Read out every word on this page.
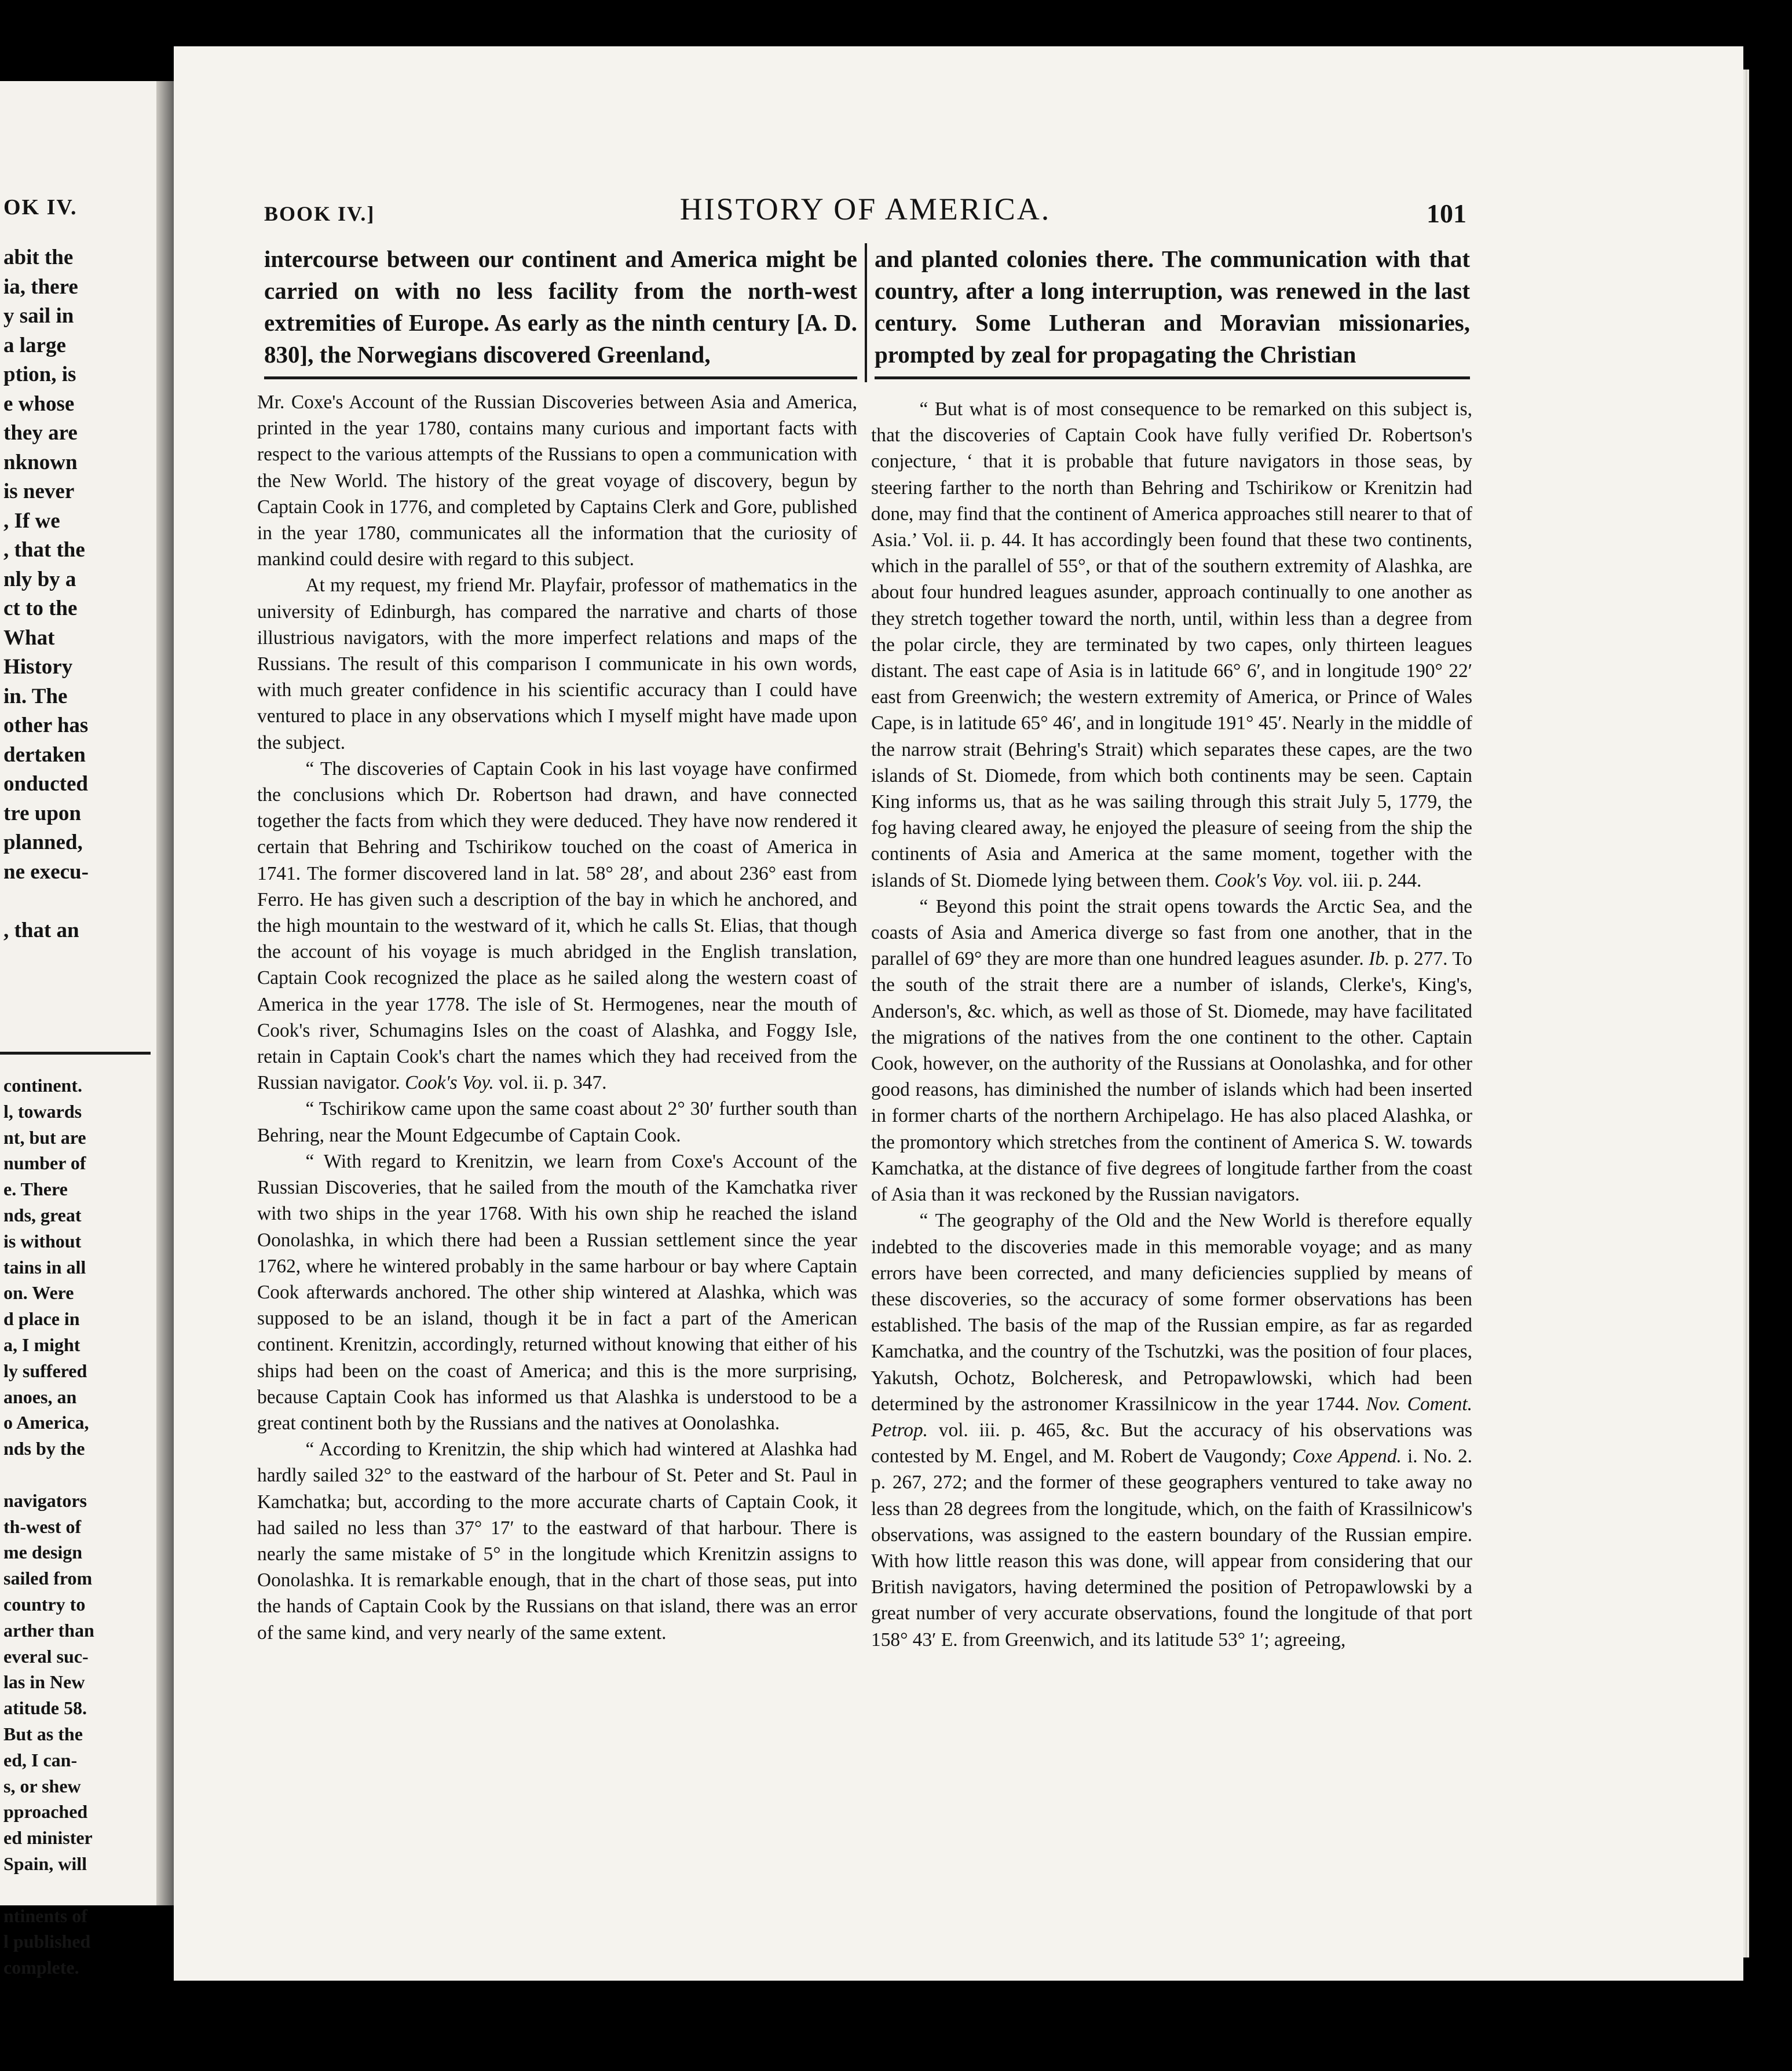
OK IV.
abit the
ia, there
y sail in
a large
ption, is
e whose
they are
nknown
is never
, If we
, that the
nly by a
ct to the
What
History
in. The
other has
dertaken
onducted
tre upon
planned,
ne execu-

, that an
continent.
l, towards
nt, but are
number of
e. There
nds, great
is without
tains in all
on. Were
d place in
a, I might
ly suffered
anoes, an
o America,
nds by the

navigators
th-west of
me design
sailed from
country to
arther than
everal suc-
las in New
atitude 58.
But as the
ed, I can-
s, or shew
pproached
ed minister
Spain, will

ntinents of
l published
complete.
BOOK IV.]	HISTORY OF AMERICA.	101

intercourse between our continent and America might be carried on with no less facility from the north-west extremities of Europe. As early as the ninth century [A. D. 830], the Norwegians discovered Greenland,

and planted colonies there. The communication with that country, after a long interruption, was renewed in the last century. Some Lutheran and Moravian missionaries, prompted by zeal for propagating the Christian

Mr. Coxe's Account of the Russian Discoveries between Asia and America, printed in the year 1780, contains many curious and important facts with respect to the various attempts of the Russians to open a communication with the New World. The history of the great voyage of discovery, begun by Captain Cook in 1776, and completed by Captains Clerk and Gore, published in the year 1780, communicates all the information that the curiosity of mankind could desire with regard to this subject.

At my request, my friend Mr. Playfair, professor of mathematics in the university of Edinburgh, has compared the narrative and charts of those illustrious navigators, with the more imperfect relations and maps of the Russians. The result of this comparison I communicate in his own words, with much greater confidence in his scientific accuracy than I could have ventured to place in any observations which I myself might have made upon the subject.

“ The discoveries of Captain Cook in his last voyage have confirmed the conclusions which Dr. Robertson had drawn, and have connected together the facts from which they were deduced. They have now rendered it certain that Behring and Tschirikow touched on the coast of America in 1741. The former discovered land in lat. 58° 28′, and about 236° east from Ferro. He has given such a description of the bay in which he anchored, and the high mountain to the westward of it, which he calls St. Elias, that though the account of his voyage is much abridged in the English translation, Captain Cook recognized the place as he sailed along the western coast of America in the year 1778. The isle of St. Hermogenes, near the mouth of Cook's river, Schumagins Isles on the coast of Alashka, and Foggy Isle, retain in Captain Cook's chart the names which they had received from the Russian navigator. Cook's Voy. vol. ii. p. 347.

“ Tschirikow came upon the same coast about 2° 30′ further south than Behring, near the Mount Edgecumbe of Captain Cook.

“ With regard to Krenitzin, we learn from Coxe's Account of the Russian Discoveries, that he sailed from the mouth of the Kamchatka river with two ships in the year 1768. With his own ship he reached the island Oonolashka, in which there had been a Russian settlement since the year 1762, where he wintered probably in the same harbour or bay where Captain Cook afterwards anchored. The other ship wintered at Alashka, which was supposed to be an island, though it be in fact a part of the American continent. Krenitzin, accordingly, returned without knowing that either of his ships had been on the coast of America; and this is the more surprising, because Captain Cook has informed us that Alashka is understood to be a great continent both by the Russians and the natives at Oonolashka.

“ According to Krenitzin, the ship which had wintered at Alashka had hardly sailed 32° to the eastward of the harbour of St. Peter and St. Paul in Kamchatka; but, according to the more accurate charts of Captain Cook, it had sailed no less than 37° 17′ to the eastward of that harbour. There is nearly the same mistake of 5° in the longitude which Krenitzin assigns to Oonolashka. It is remarkable enough, that in the chart of those seas, put into the hands of Captain Cook by the Russians on that island, there was an error of the same kind, and very nearly of the same extent.

“ But what is of most consequence to be remarked on this subject is, that the discoveries of Captain Cook have fully verified Dr. Robertson's conjecture, ‘ that it is probable that future navigators in those seas, by steering farther to the north than Behring and Tschirikow or Krenitzin had done, may find that the continent of America approaches still nearer to that of Asia.’ Vol. ii. p. 44. It has accordingly been found that these two continents, which in the parallel of 55°, or that of the southern extremity of Alashka, are about four hundred leagues asunder, approach continually to one another as they stretch together toward the north, until, within less than a degree from the polar circle, they are terminated by two capes, only thirteen leagues distant. The east cape of Asia is in latitude 66° 6′, and in longitude 190° 22′ east from Greenwich; the western extremity of America, or Prince of Wales Cape, is in latitude 65° 46′, and in longitude 191° 45′. Nearly in the middle of the narrow strait (Behring's Strait) which separates these capes, are the two islands of St. Diomede, from which both continents may be seen. Captain King informs us, that as he was sailing through this strait July 5, 1779, the fog having cleared away, he enjoyed the pleasure of seeing from the ship the continents of Asia and America at the same moment, together with the islands of St. Diomede lying between them. Cook's Voy. vol. iii. p. 244.

“ Beyond this point the strait opens towards the Arctic Sea, and the coasts of Asia and America diverge so fast from one another, that in the parallel of 69° they are more than one hundred leagues asunder. Ib. p. 277. To the south of the strait there are a number of islands, Clerke's, King's, Anderson's, &c. which, as well as those of St. Diomede, may have facilitated the migrations of the natives from the one continent to the other. Captain Cook, however, on the authority of the Russians at Oonolashka, and for other good reasons, has diminished the number of islands which had been inserted in former charts of the northern Archipelago. He has also placed Alashka, or the promontory which stretches from the continent of America S. W. towards Kamchatka, at the distance of five degrees of longitude farther from the coast of Asia than it was reckoned by the Russian navigators.

“ The geography of the Old and the New World is therefore equally indebted to the discoveries made in this memorable voyage; and as many errors have been corrected, and many deficiencies supplied by means of these discoveries, so the accuracy of some former observations has been established. The basis of the map of the Russian empire, as far as regarded Kamchatka, and the country of the Tschutzki, was the position of four places, Yakutsh, Ochotz, Bolcheresk, and Petropawlowski, which had been determined by the astronomer Krassilnicow in the year 1744. Nov. Coment. Petrop. vol. iii. p. 465, &c. But the accuracy of his observations was contested by M. Engel, and M. Robert de Vaugondy; Coxe Append. i. No. 2. p. 267, 272; and the former of these geographers ventured to take away no less than 28 degrees from the longitude, which, on the faith of Krassilnicow's observations, was assigned to the eastern boundary of the Russian empire. With how little reason this was done, will appear from considering that our British navigators, having determined the position of Petropawlowski by a great number of very accurate observations, found the longitude of that port 158° 43′ E. from Greenwich, and its latitude 53° 1′; agreeing,
